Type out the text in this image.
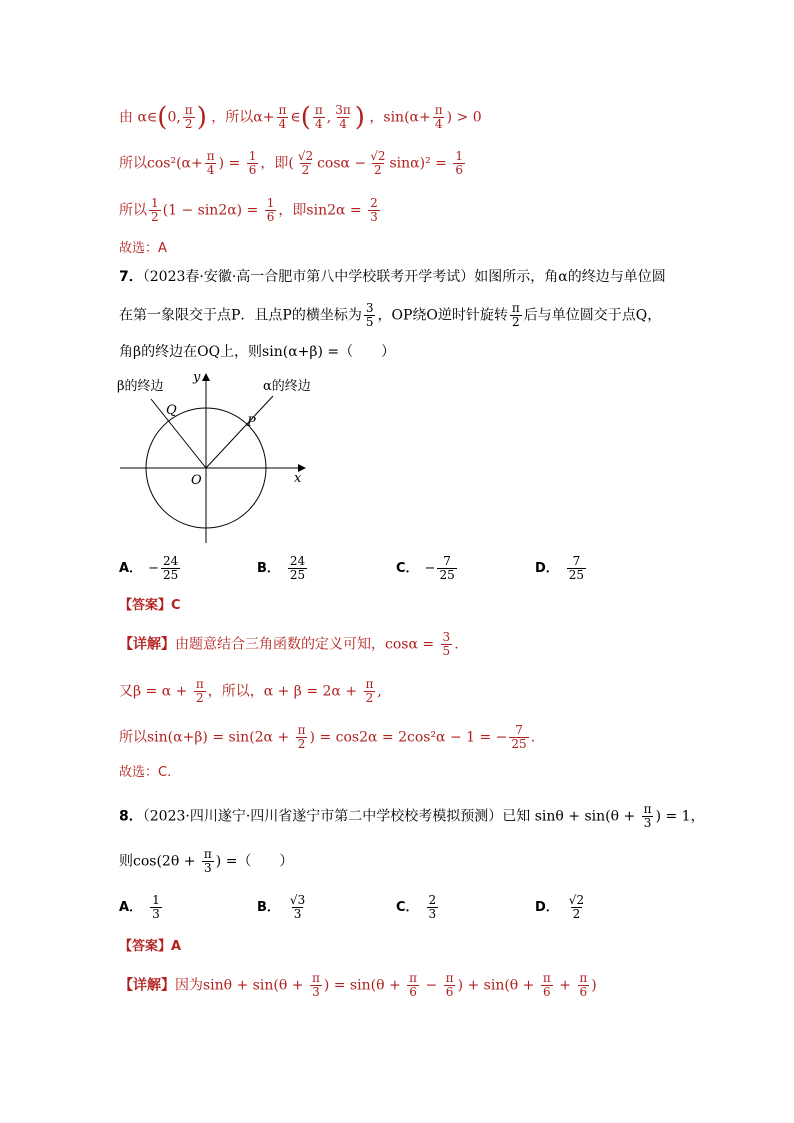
由 α∈(0, $\frac{\pi}{2}$ ) ，所以$\alpha+ \frac{\pi}{4}$ ∈( $\frac{\pi}{4}$ , $\frac{3\pi}{4}$ ) ，$\sin(\alpha+ \frac{\pi}{4}$ ) > 0
所以$\cos^2(\alpha+ \frac{\pi}{4}$ ) = $\frac{1}{6}$ ，即( $\frac{√2}{2}$ $\cos\alpha - \frac{√2}{2} \sin\alpha)^2 = \frac{1}{6}$
所以 $\frac{1}{2} (1 - \sin 2\alpha) = \frac{1}{6}$ ，即$\sin 2\alpha = \frac{2}{3}$
故选：A
7．（2023春·安徽·高一合肥市第八中学校联考开学考试）如图所示，角α的终边与单位圆
在第一象限交于点P．且点P的横坐标为 $\frac{3}{5}$ ，OP绕O逆时针旋转 $\frac{\pi}{2}$ 后与单位圆交于点Q，
角β的终边在OQ上，则sin(α+β) =（　　）
β的终边	α的终边
Q
P
O	x
y
A． − $\frac{24}{25}$	B． $\frac{24}{25}$	C． − $\frac{7}{25}$	D． $\frac{7}{25}$
【答案】C
【详解】由题意结合三角函数的定义可知，$\cos\alpha = \frac{3}{5}$ .
又$\beta = \alpha + \frac{\pi}{2}$ ，所以，$\alpha + \beta = 2\alpha + \frac{\pi}{2}$ ,
所以$\sin(\alpha+\beta) = \sin(2\alpha + \frac{\pi}{2}$ ) = cos2α = 2cos²α − 1 = − $\frac{7}{25}$ .
故选：C.
8．（2023·四川遂宁·四川省遂宁市第二中学校校考模拟预测）已知 $\sin\theta + \sin(\theta + \frac{\pi}{3}$ ) = 1，
则$\cos(2\theta + \frac{\pi}{3}$ ) =（　　）
A． $\frac{1}{3}$	B． $\frac{√3}{3}$	C． $\frac{2}{3}$	D． $\frac{√2}{2}$
【答案】A
【详解】因为$\sin\theta + \sin(\theta + \frac{\pi}{3}$ ) = $\sin(\theta + \frac{\pi}{6} - \frac{\pi}{6}$ ) + $\sin(\theta + \frac{\pi}{6} + \frac{\pi}{6}$ )
